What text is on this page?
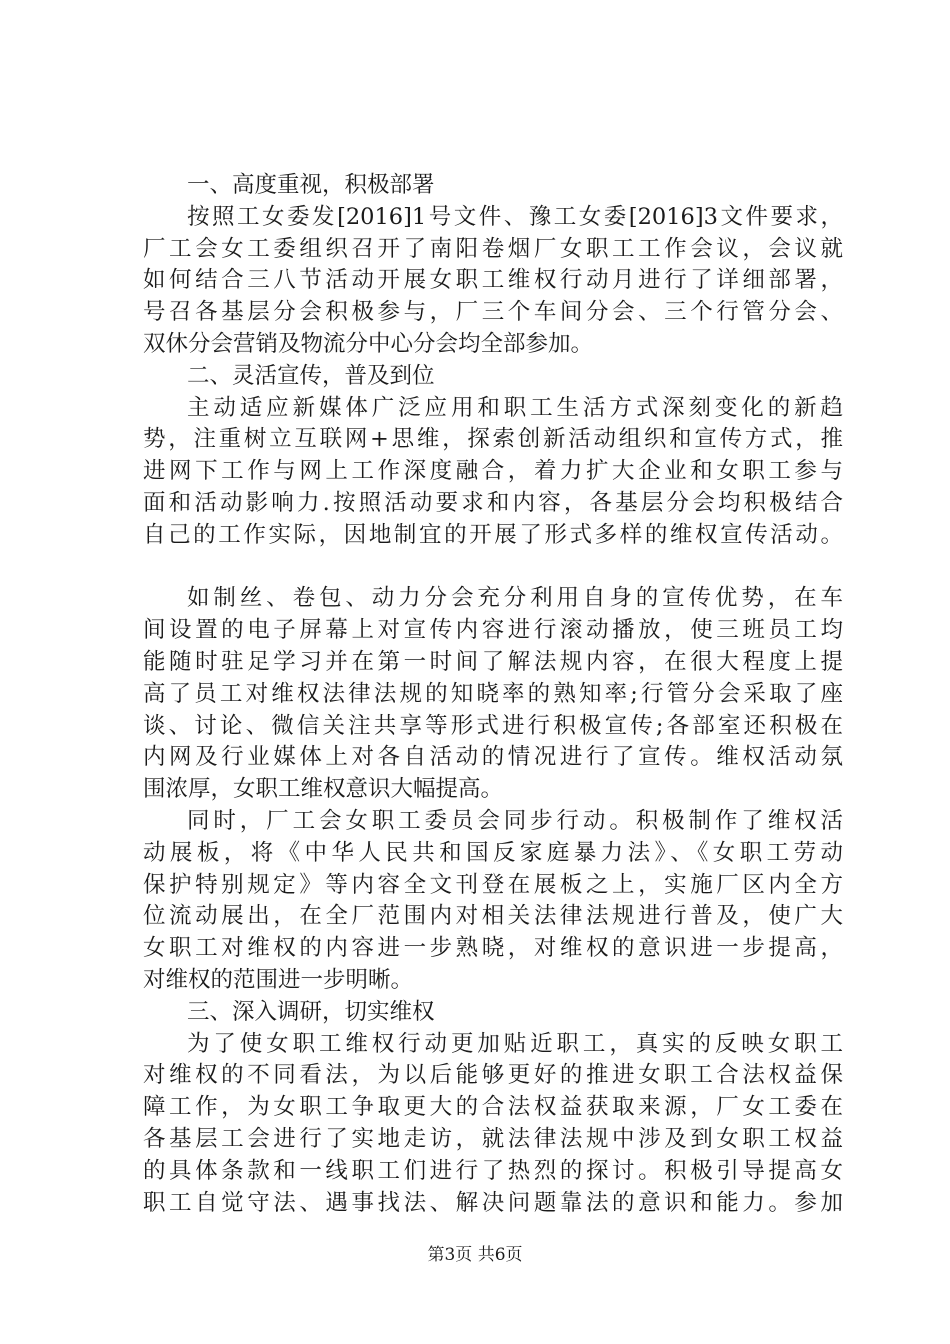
一、高度重视，积极部署
按照工女委发[2016]1号文件、豫工女委[2016]3文件要求，
厂工会女工委组织召开了南阳卷烟厂女职工工作会议，会议就
如何结合三八节活动开展女职工维权行动月进行了详细部署，
号召各基层分会积极参与，厂三个车间分会、三个行管分会、
双休分会营销及物流分中心分会均全部参加。
二、灵活宣传，普及到位
主动适应新媒体广泛应用和职工生活方式深刻变化的新趋
势，注重树立互联网+思维，探索创新活动组织和宣传方式，推
进网下工作与网上工作深度融合，着力扩大企业和女职工参与
面和活动影响力.按照活动要求和内容，各基层分会均积极结合
自己的工作实际，因地制宜的开展了形式多样的维权宣传活动。
如制丝、卷包、动力分会充分利用自身的宣传优势，在车
间设置的电子屏幕上对宣传内容进行滚动播放，使三班员工均
能随时驻足学习并在第一时间了解法规内容，在很大程度上提
高了员工对维权法律法规的知晓率的熟知率;行管分会采取了座
谈、讨论、微信关注共享等形式进行积极宣传;各部室还积极在
内网及行业媒体上对各自活动的情况进行了宣传。维权活动氛
围浓厚，女职工维权意识大幅提高。
同时，厂工会女职工委员会同步行动。积极制作了维权活
动展板，将《中华人民共和国反家庭暴力法》、《女职工劳动
保护特别规定》等内容全文刊登在展板之上，实施厂区内全方
位流动展出，在全厂范围内对相关法律法规进行普及，使广大
女职工对维权的内容进一步熟晓，对维权的意识进一步提高，
对维权的范围进一步明晰。
三、深入调研，切实维权
为了使女职工维权行动更加贴近职工，真实的反映女职工
对维权的不同看法，为以后能够更好的推进女职工合法权益保
障工作，为女职工争取更大的合法权益获取来源，厂女工委在
各基层工会进行了实地走访，就法律法规中涉及到女职工权益
的具体条款和一线职工们进行了热烈的探讨。积极引导提高女
职工自觉守法、遇事找法、解决问题靠法的意识和能力。参加
第3页 共6页
